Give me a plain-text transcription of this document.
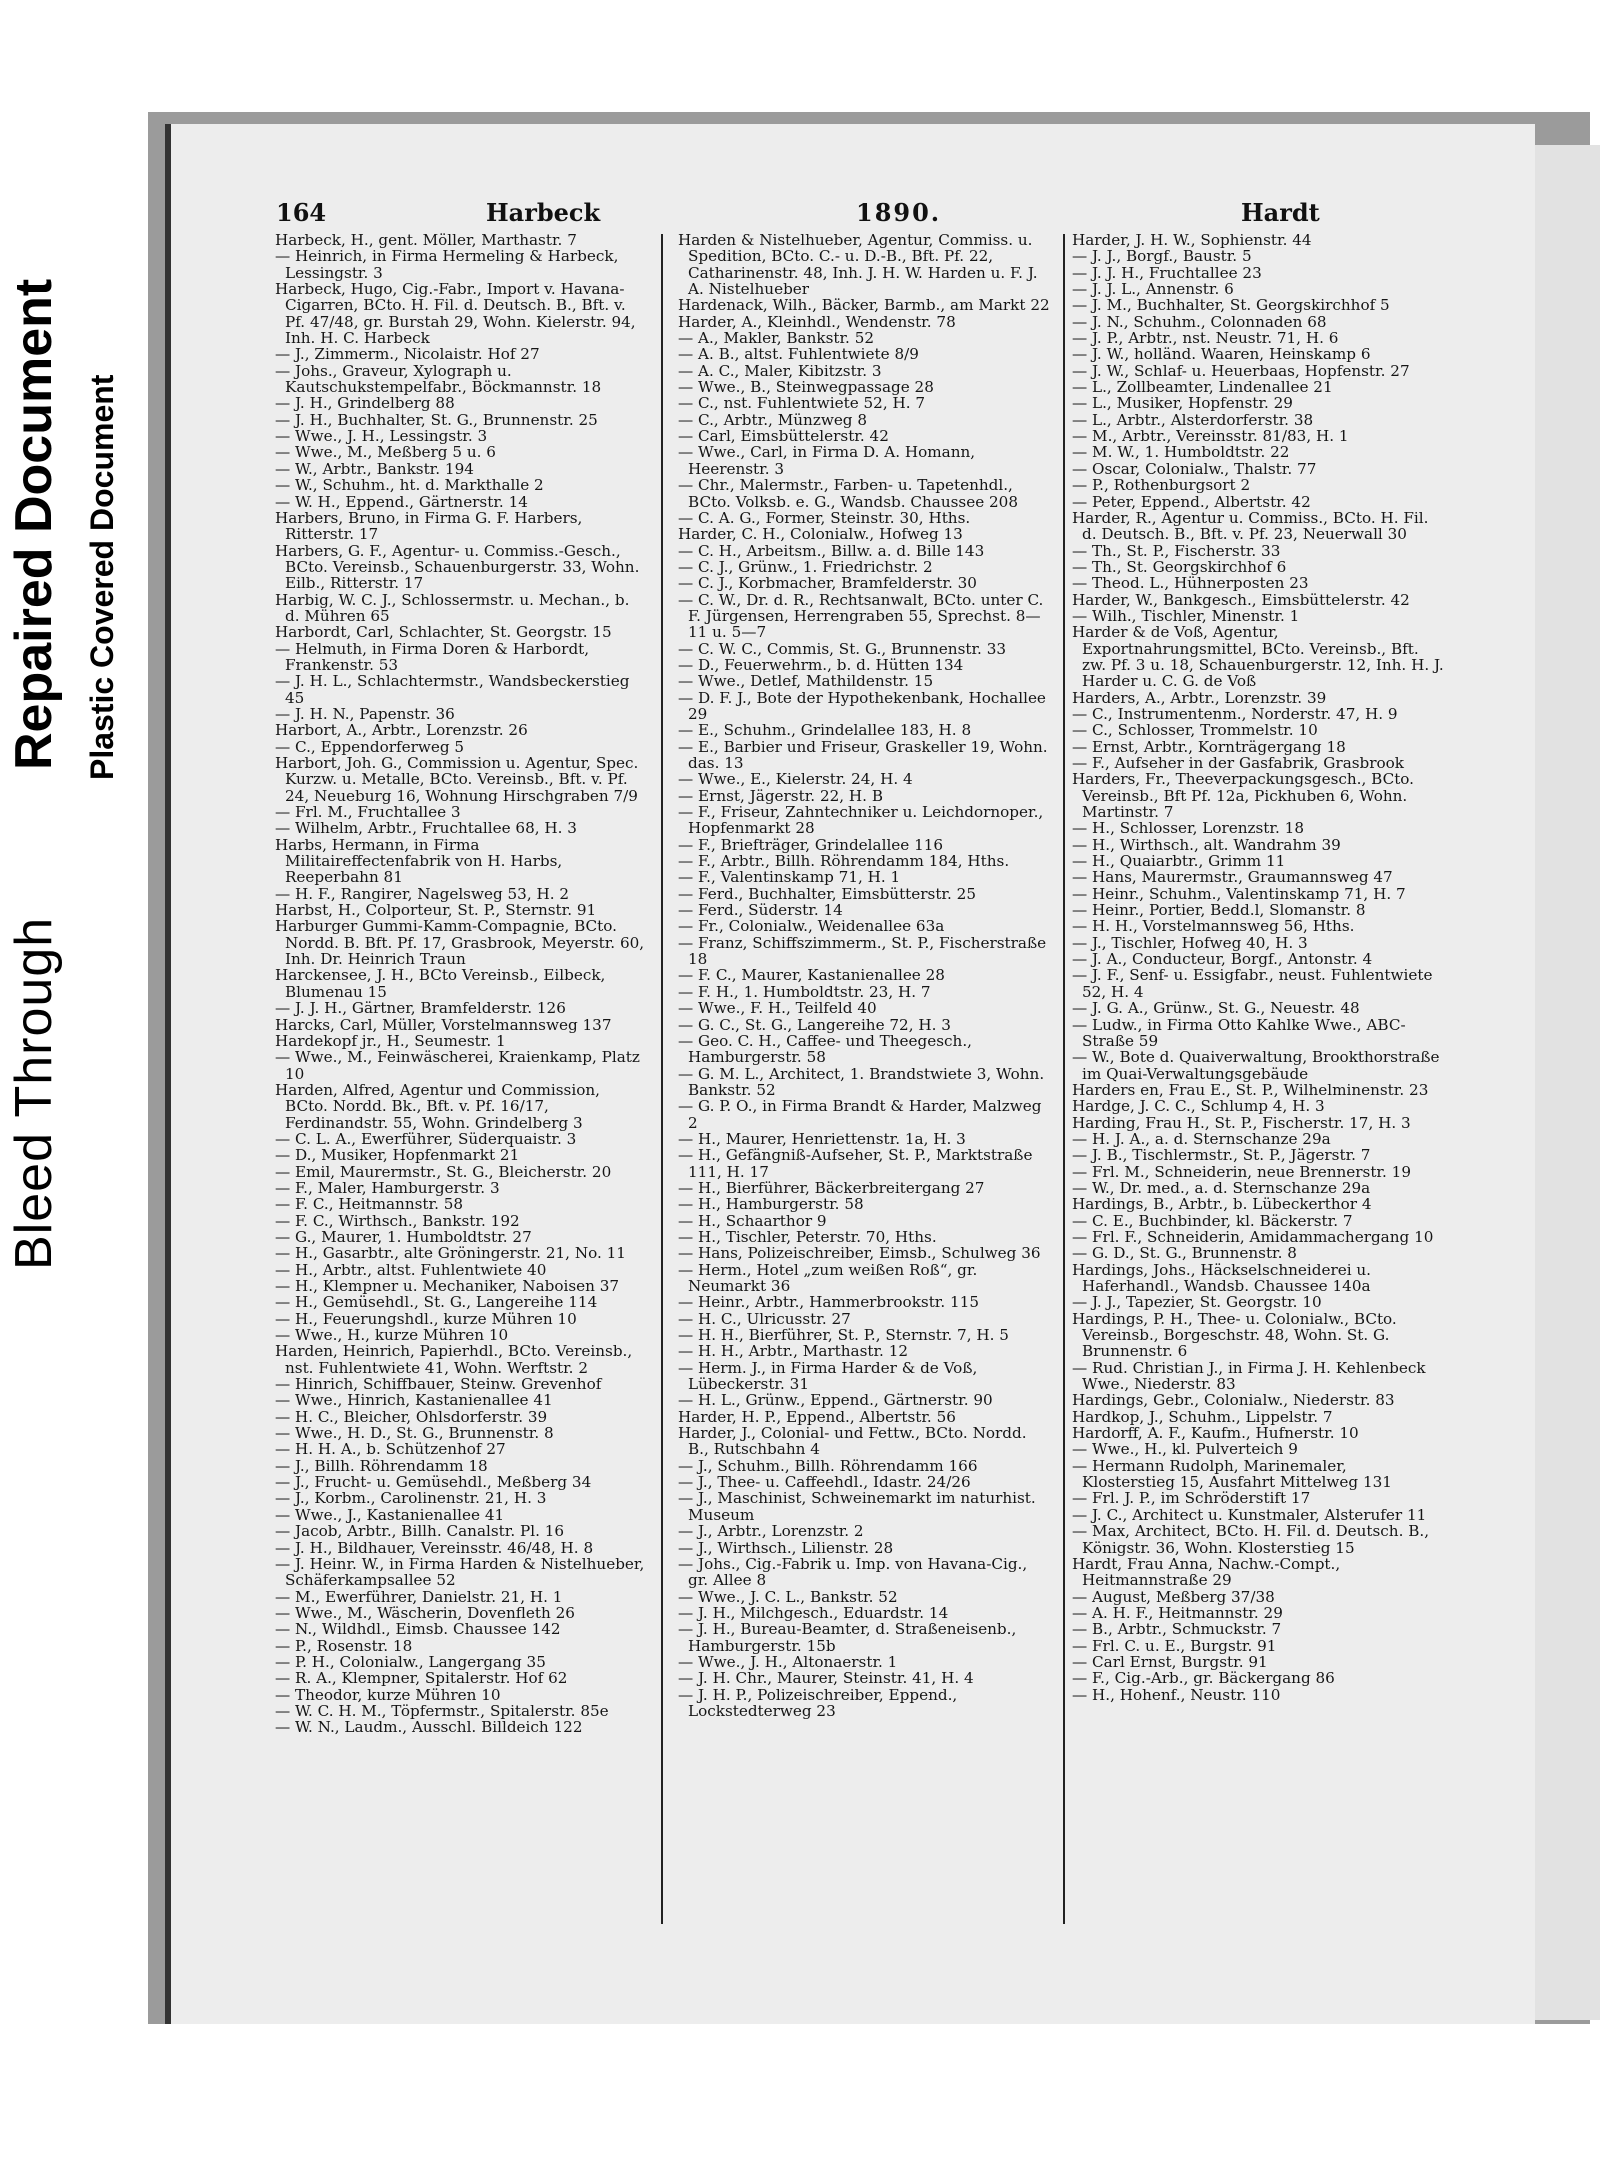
Bleed Through
Repaired Document Plastic Covered Document
164	Harbeck	1890.	Hardt
Harbeck, H., gent. Möller, Marthastr. 7
— Heinrich, in Firma Hermeling & Harbeck, Lessingstr. 3
Harbeck, Hugo, Cig.-Fabr., Import v. Havana-Cigarren, BCto. H. Fil. d. Deutsch. B., Bft. v. Pf. 47/48, gr. Burstah 29, Wohn. Kielerstr. 94, Inh. H. C. Harbeck
— J., Zimmerm., Nicolaistr. Hof 27
— Johs., Graveur, Xylograph u. Kautschukstempelfabr., Böckmannstr. 18
— J. H., Grindelberg 88
— J. H., Buchhalter, St. G., Brunnenstr. 25
— Wwe., J. H., Lessingstr. 3
— Wwe., M., Meßberg 5 u. 6
— W., Arbtr., Bankstr. 194
— W., Schuhm., ht. d. Markthalle 2
— W. H., Eppend., Gärtnerstr. 14
Harbers, Bruno, in Firma G. F. Harbers, Ritterstr. 17
Harbers, G. F., Agentur- u. Commiss.-Gesch., BCto. Vereinsb., Schauenburgerstr. 33, Wohn. Eilb., Ritterstr. 17
Harbig, W. C. J., Schlossermstr. u. Mechan., b. d. Mühren 65
Harbordt, Carl, Schlachter, St. Georgstr. 15
— Helmuth, in Firma Doren & Harbordt, Frankenstr. 53
— J. H. L., Schlachtermstr., Wandsbeckerstieg 45
— J. H. N., Papenstr. 36
Harbort, A., Arbtr., Lorenzstr. 26
— C., Eppendorferweg 5
Harbort, Joh. G., Commission u. Agentur, Spec. Kurzw. u. Metalle, BCto. Vereinsb., Bft. v. Pf. 24, Neueburg 16, Wohnung Hirschgraben 7/9
— Frl. M., Fruchtallee 3
— Wilhelm, Arbtr., Fruchtallee 68, H. 3
Harbs, Hermann, in Firma Militaireffectenfabrik von H. Harbs, Reeperbahn 81
— H. F., Rangirer, Nagelsweg 53, H. 2
Harbst, H., Colporteur, St. P., Sternstr. 91
Harburger Gummi-Kamm-Compagnie, BCto. Nordd. B. Bft. Pf. 17, Grasbrook, Meyerstr. 60, Inh. Dr. Heinrich Traun
Harckensee, J. H., BCto Vereinsb., Eilbeck, Blumenau 15
— J. J. H., Gärtner, Bramfelderstr. 126
Harcks, Carl, Müller, Vorstelmannsweg 137
Hardekopf jr., H., Seumestr. 1
— Wwe., M., Feinwäscherei, Kraienkamp, Platz 10
Harden, Alfred, Agentur und Commission, BCto. Nordd. Bk., Bft. v. Pf. 16/17, Ferdinandstr. 55, Wohn. Grindelberg 3
— C. L. A., Ewerführer, Süderquaistr. 3
— D., Musiker, Hopfenmarkt 21
— Emil, Maurermstr., St. G., Bleicherstr. 20
— F., Maler, Hamburgerstr. 3
— F. C., Heitmannstr. 58
— F. C., Wirthsch., Bankstr. 192
— G., Maurer, 1. Humboldtstr. 27
— H., Gasarbtr., alte Gröningerstr. 21, No. 11
— H., Arbtr., altst. Fuhlentwiete 40
— H., Klempner u. Mechaniker, Naboisen 37
— H., Gemüsehdl., St. G., Langereihe 114
— H., Feuerungshdl., kurze Mühren 10
— Wwe., H., kurze Mühren 10
Harden, Heinrich, Papierhdl., BCto. Vereinsb., nst. Fuhlentwiete 41, Wohn. Werftstr. 2
— Hinrich, Schiffbauer, Steinw. Grevenhof
— Wwe., Hinrich, Kastanienallee 41
— H. C., Bleicher, Ohlsdorferstr. 39
— Wwe., H. D., St. G., Brunnenstr. 8
— H. H. A., b. Schützenhof 27
— J., Billh. Röhrendamm 18
— J., Frucht- u. Gemüsehdl., Meßberg 34
— J., Korbm., Carolinenstr. 21, H. 3
— Wwe., J., Kastanienallee 41
— Jacob, Arbtr., Billh. Canalstr. Pl. 16
— J. H., Bildhauer, Vereinsstr. 46/48, H. 8
— J. Heinr. W., in Firma Harden & Nistelhueber, Schäferkampsallee 52
— M., Ewerführer, Danielstr. 21, H. 1
— Wwe., M., Wäscherin, Dovenfleth 26
— N., Wildhdl., Eimsb. Chaussee 142
— P., Rosenstr. 18
— P. H., Colonialw., Langergang 35
— R. A., Klempner, Spitalerstr. Hof 62
— Theodor, kurze Mühren 10
— W. C. H. M., Töpfermstr., Spitalerstr. 85e
— W. N., Laudm., Ausschl. Billdeich 122
Harden & Nistelhueber, Agentur, Commiss. u. Spedition, BCto. C.- u. D.-B., Bft. Pf. 22, Catharinenstr. 48, Inh. J. H. W. Harden u. F. J. A. Nistelhueber
Hardenack, Wilh., Bäcker, Barmb., am Markt 22
Harder, A., Kleinhdl., Wendenstr. 78
— A., Makler, Bankstr. 52
— A. B., altst. Fuhlentwiete 8/9
— A. C., Maler, Kibitzstr. 3
— Wwe., B., Steinwegpassage 28
— C., nst. Fuhlentwiete 52, H. 7
— C., Arbtr., Münzweg 8
— Carl, Eimsbüttelerstr. 42
— Wwe., Carl, in Firma D. A. Homann, Heerenstr. 3
— Chr., Malermstr., Farben- u. Tapetenhdl., BCto. Volksb. e. G., Wandsb. Chaussee 208
— C. A. G., Former, Steinstr. 30, Hths.
Harder, C. H., Colonialw., Hofweg 13
— C. H., Arbeitsm., Billw. a. d. Bille 143
— C. J., Grünw., 1. Friedrichstr. 2
— C. J., Korbmacher, Bramfelderstr. 30
— C. W., Dr. d. R., Rechtsanwalt, BCto. unter C. F. Jürgensen, Herrengraben 55, Sprechst. 8—11 u. 5—7
— C. W. C., Commis, St. G., Brunnenstr. 33
— D., Feuerwehrm., b. d. Hütten 134
— Wwe., Detlef, Mathildenstr. 15
— D. F. J., Bote der Hypothekenbank, Hochallee 29
— E., Schuhm., Grindelallee 183, H. 8
— E., Barbier und Friseur, Graskeller 19, Wohn. das. 13
— Wwe., E., Kielerstr. 24, H. 4
— Ernst, Jägerstr. 22, H. B
— F., Friseur, Zahntechniker u. Leichdornoper., Hopfenmarkt 28
— F., Briefträger, Grindelallee 116
— F., Arbtr., Billh. Röhrendamm 184, Hths.
— F., Valentinskamp 71, H. 1
— Ferd., Buchhalter, Eimsbütterstr. 25
— Ferd., Süderstr. 14
— Fr., Colonialw., Weidenallee 63a
— Franz, Schiffszimmerm., St. P., Fischerstraße 18
— F. C., Maurer, Kastanienallee 28
— F. H., 1. Humboldtstr. 23, H. 7
— Wwe., F. H., Teilfeld 40
— G. C., St. G., Langereihe 72, H. 3
— Geo. C. H., Caffee- und Theegesch., Hamburgerstr. 58
— G. M. L., Architect, 1. Brandstwiete 3, Wohn. Bankstr. 52
— G. P. O., in Firma Brandt & Harder, Malzweg 2
— H., Maurer, Henriettenstr. 1a, H. 3
— H., Gefängniß-Aufseher, St. P., Marktstraße 111, H. 17
— H., Bierführer, Bäckerbreitergang 27
— H., Hamburgerstr. 58
— H., Schaarthor 9
— H., Tischler, Peterstr. 70, Hths.
— Hans, Polizeischreiber, Eimsb., Schulweg 36
— Herm., Hotel „zum weißen Roß“, gr. Neumarkt 36
— Heinr., Arbtr., Hammerbrookstr. 115
— H. C., Ulricusstr. 27
— H. H., Bierführer, St. P., Sternstr. 7, H. 5
— H. H., Arbtr., Marthastr. 12
— Herm. J., in Firma Harder & de Voß, Lübeckerstr. 31
— H. L., Grünw., Eppend., Gärtnerstr. 90
Harder, H. P., Eppend., Albertstr. 56
Harder, J., Colonial- und Fettw., BCto. Nordd. B., Rutschbahn 4
— J., Schuhm., Billh. Röhrendamm 166
— J., Thee- u. Caffeehdl., Idastr. 24/26
— J., Maschinist, Schweinemarkt im naturhist. Museum
— J., Arbtr., Lorenzstr. 2
— J., Wirthsch., Lilienstr. 28
— Johs., Cig.-Fabrik u. Imp. von Havana-Cig., gr. Allee 8
— Wwe., J. C. L., Bankstr. 52
— J. H., Milchgesch., Eduardstr. 14
— J. H., Bureau-Beamter, d. Straßeneisenb., Hamburgerstr. 15b
— Wwe., J. H., Altonaerstr. 1
— J. H. Chr., Maurer, Steinstr. 41, H. 4
— J. H. P., Polizeischreiber, Eppend., Lockstedterweg 23
Harder, J. H. W., Sophienstr. 44
— J. J., Borgf., Baustr. 5
— J. J. H., Fruchtallee 23
— J. J. L., Annenstr. 6
— J. M., Buchhalter, St. Georgskirchhof 5
— J. N., Schuhm., Colonnaden 68
— J. P., Arbtr., nst. Neustr. 71, H. 6
— J. W., holländ. Waaren, Heinskamp 6
— J. W., Schlaf- u. Heuerbaas, Hopfenstr. 27
— L., Zollbeamter, Lindenallee 21
— L., Musiker, Hopfenstr. 29
— L., Arbtr., Alsterdorferstr. 38
— M., Arbtr., Vereinsstr. 81/83, H. 1
— M. W., 1. Humboldtstr. 22
— Oscar, Colonialw., Thalstr. 77
— P., Rothenburgsort 2
— Peter, Eppend., Albertstr. 42
Harder, R., Agentur u. Commiss., BCto. H. Fil. d. Deutsch. B., Bft. v. Pf. 23, Neuerwall 30
— Th., St. P., Fischerstr. 33
— Th., St. Georgskirchhof 6
— Theod. L., Hühnerposten 23
Harder, W., Bankgesch., Eimsbüttelerstr. 42
— Wilh., Tischler, Minenstr. 1
Harder & de Voß, Agentur, Exportnahrungsmittel, BCto. Vereinsb., Bft. zw. Pf. 3 u. 18, Schauenburgerstr. 12, Inh. H. J. Harder u. C. G. de Voß
Harders, A., Arbtr., Lorenzstr. 39
— C., Instrumentenm., Norderstr. 47, H. 9
— C., Schlosser, Trommelstr. 10
— Ernst, Arbtr., Kornträgergang 18
— F., Aufseher in der Gasfabrik, Grasbrook
Harders, Fr., Theeverpackungsgesch., BCto. Vereinsb., Bft Pf. 12a, Pickhuben 6, Wohn. Martinstr. 7
— H., Schlosser, Lorenzstr. 18
— H., Wirthsch., alt. Wandrahm 39
— H., Quaiarbtr., Grimm 11
— Hans, Maurermstr., Graumannsweg 47
— Heinr., Schuhm., Valentinskamp 71, H. 7
— Heinr., Portier, Bedd.l, Slomanstr. 8
— H. H., Vorstelmannsweg 56, Hths.
— J., Tischler, Hofweg 40, H. 3
— J. A., Conducteur, Borgf., Antonstr. 4
— J. F., Senf- u. Essigfabr., neust. Fuhlentwiete 52, H. 4
— J. G. A., Grünw., St. G., Neuestr. 48
— Ludw., in Firma Otto Kahlke Wwe., ABC-Straße 59
— W., Bote d. Quaiverwaltung, Brookthorstraße im Quai-Verwaltungsgebäude
Harders en, Frau E., St. P., Wilhelminenstr. 23
Hardge, J. C. C., Schlump 4, H. 3
Harding, Frau H., St. P., Fischerstr. 17, H. 3
— H. J. A., a. d. Sternschanze 29a
— J. B., Tischlermstr., St. P., Jägerstr. 7
— Frl. M., Schneiderin, neue Brennerstr. 19
— W., Dr. med., a. d. Sternschanze 29a
Hardings, B., Arbtr., b. Lübeckerthor 4
— C. E., Buchbinder, kl. Bäckerstr. 7
— Frl. F., Schneiderin, Amidammachergang 10
— G. D., St. G., Brunnenstr. 8
Hardings, Johs., Häckselschneiderei u. Haferhandl., Wandsb. Chaussee 140a
— J. J., Tapezier, St. Georgstr. 10
Hardings, P. H., Thee- u. Colonialw., BCto. Vereinsb., Borgeschstr. 48, Wohn. St. G. Brunnenstr. 6
— Rud. Christian J., in Firma J. H. Kehlenbeck Wwe., Niederstr. 83
Hardings, Gebr., Colonialw., Niederstr. 83
Hardkop, J., Schuhm., Lippelstr. 7
Hardorff, A. F., Kaufm., Hufnerstr. 10
— Wwe., H., kl. Pulverteich 9
— Hermann Rudolph, Marinemaler, Klosterstieg 15, Ausfahrt Mittelweg 131
— Frl. J. P., im Schröderstift 17
— J. C., Architect u. Kunstmaler, Alsterufer 11
— Max, Architect, BCto. H. Fil. d. Deutsch. B., Königstr. 36, Wohn. Klosterstieg 15
Hardt, Frau Anna, Nachw.-Compt., Heitmannstraße 29
— August, Meßberg 37/38
— A. H. F., Heitmannstr. 29
— B., Arbtr., Schmuckstr. 7
— Frl. C. u. E., Burgstr. 91
— Carl Ernst, Burgstr. 91
— F., Cig.-Arb., gr. Bäckergang 86
— H., Hohenf., Neustr. 110
